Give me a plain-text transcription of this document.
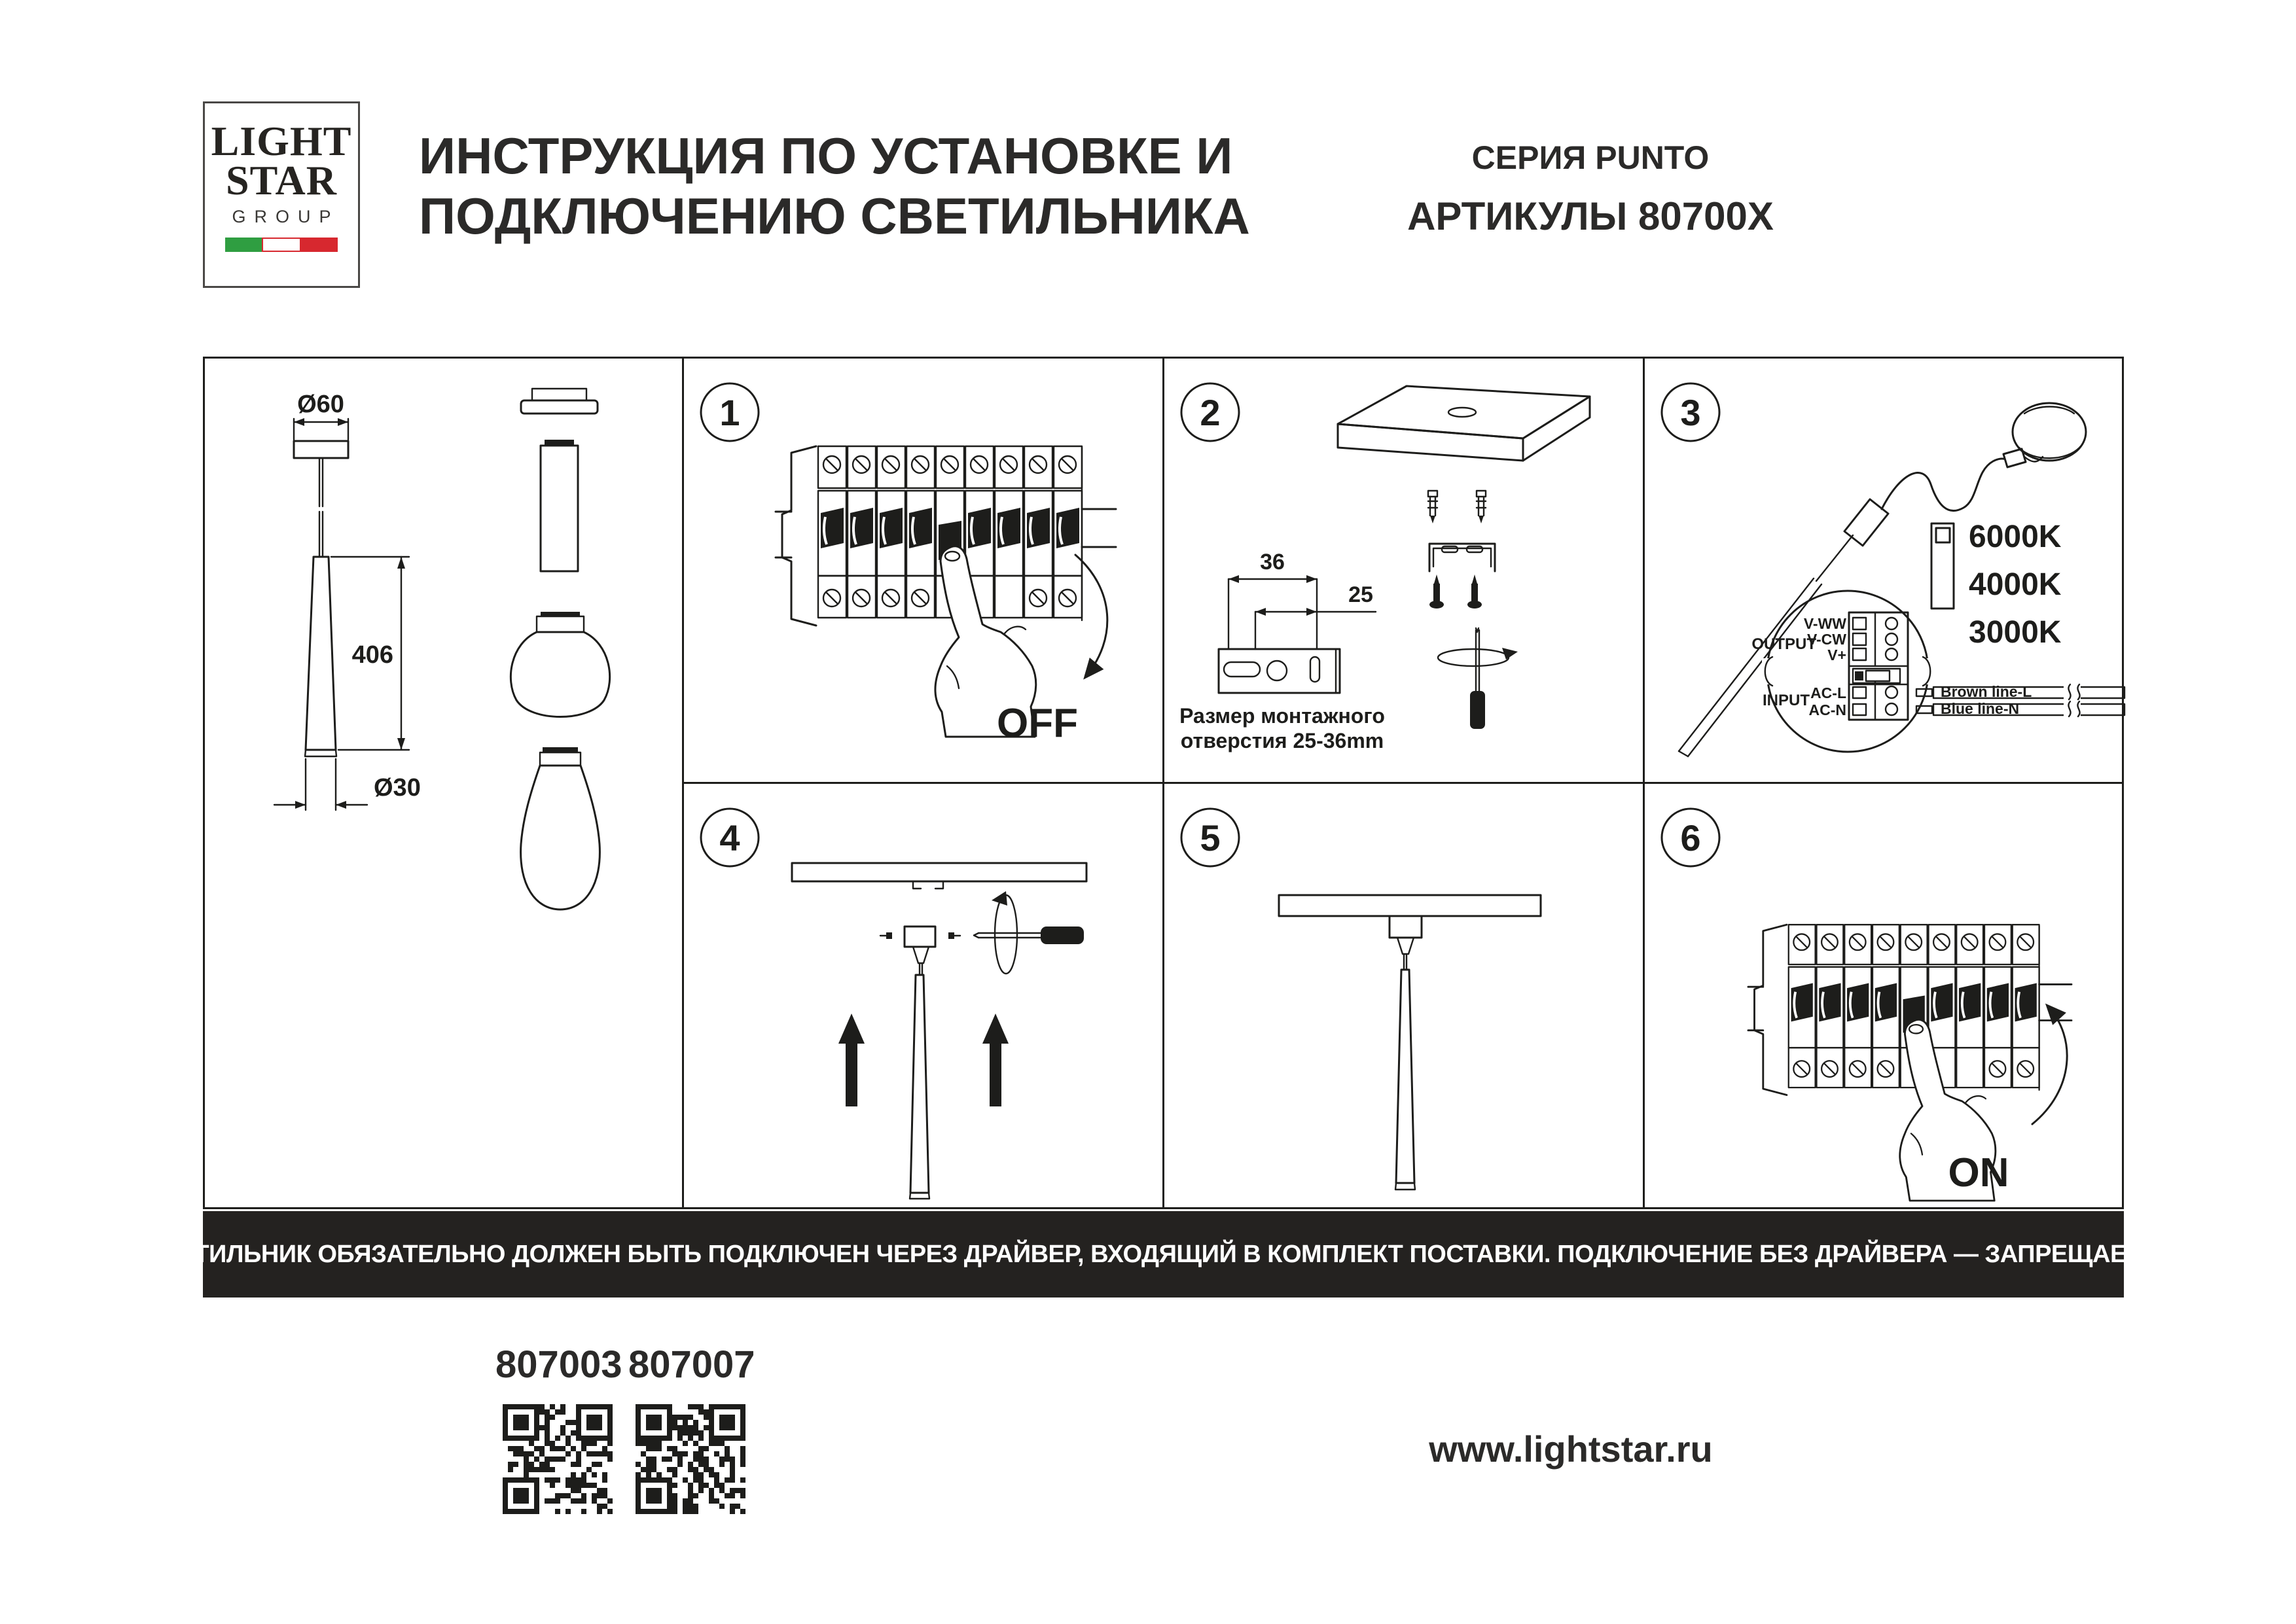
LIGHT
STAR
GROUP
ИНСТРУКЦИЯ ПО УСТАНОВКЕ И
ПОДКЛЮЧЕНИЮ СВЕТИЛЬНИКА
СЕРИЯ PUNTO
АРТИКУЛЫ 80700X
Ø60
406
Ø30
1
OFF
2
36
25
Размер монтажного
отверстия 25-36mm
3
6000K
4000K
3000K
OUTPUT
INPUT
V-WW
V-CW
V+
AC-L
AC-N
Brown line-L
Blue line-N
4	5	6
ON
СВЕТИЛЬНИК ОБЯЗАТЕЛЬНО ДОЛЖЕН БЫТЬ ПОДКЛЮЧЕН ЧЕРЕЗ ДРАЙВЕР, ВХОДЯЩИЙ В КОМПЛЕКТ ПОСТАВКИ. ПОДКЛЮЧЕНИЕ БЕЗ ДРАЙВЕРА — ЗАПРЕЩАЕТСЯ!
807003 807007
www.lightstar.ru
